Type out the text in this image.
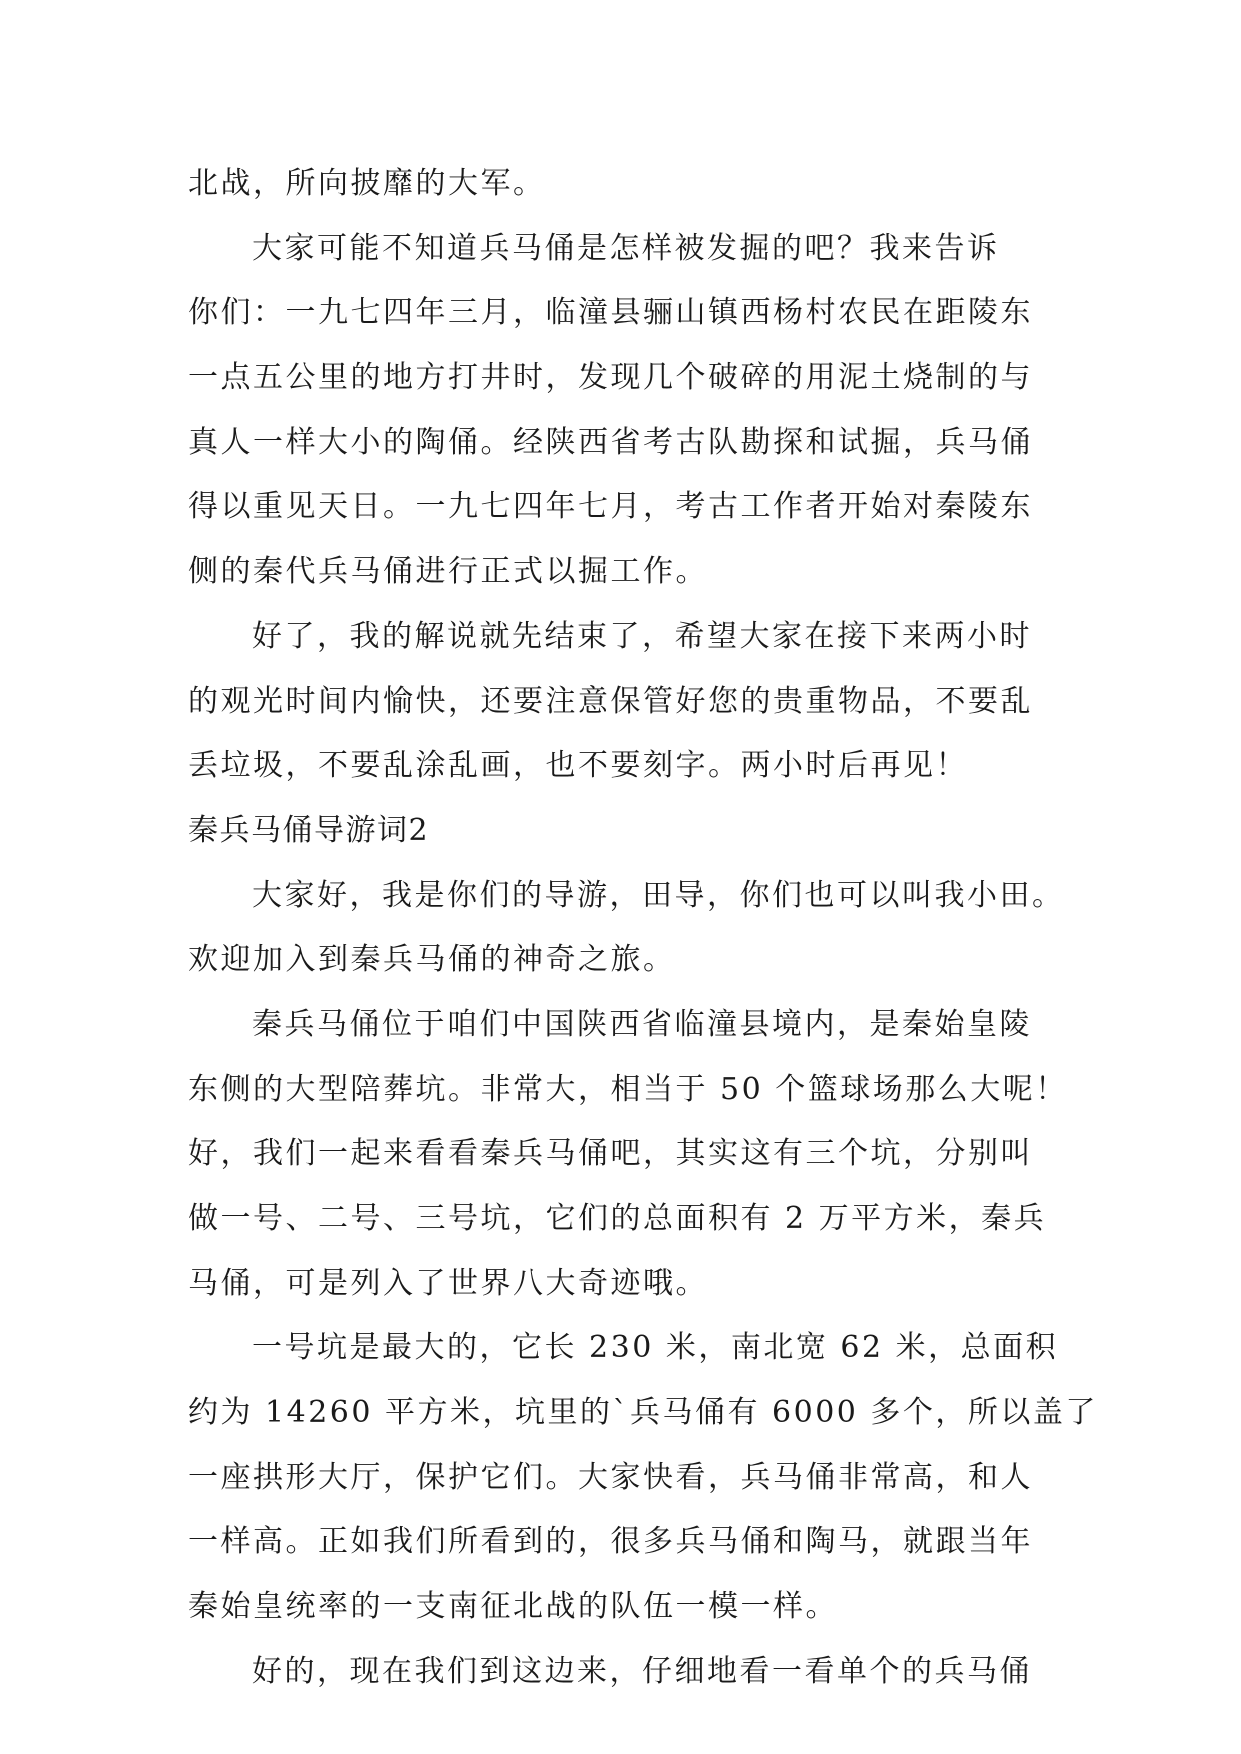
北战，所向披靡的大军。
大家可能不知道兵马俑是怎样被发掘的吧？我来告诉
你们：一九七四年三月，临潼县骊山镇西杨村农民在距陵东
一点五公里的地方打井时，发现几个破碎的用泥土烧制的与
真人一样大小的陶俑。经陕西省考古队勘探和试掘，兵马俑
得以重见天日。一九七四年七月，考古工作者开始对秦陵东
侧的秦代兵马俑进行正式以掘工作。
好了，我的解说就先结束了，希望大家在接下来两小时
的观光时间内愉快，还要注意保管好您的贵重物品，不要乱
丢垃圾，不要乱涂乱画，也不要刻字。两小时后再见！
秦兵马俑导游词2
大家好，我是你们的导游，田导，你们也可以叫我小田。
欢迎加入到秦兵马俑的神奇之旅。
秦兵马俑位于咱们中国陕西省临潼县境内，是秦始皇陵
东侧的大型陪葬坑。非常大，相当于 50 个篮球场那么大呢！
好，我们一起来看看秦兵马俑吧，其实这有三个坑，分别叫
做一号、二号、三号坑，它们的总面积有 2 万平方米，秦兵
马俑，可是列入了世界八大奇迹哦。
一号坑是最大的，它长 230 米，南北宽 62 米，总面积
约为 14260 平方米，坑里的`兵马俑有 6000 多个，所以盖了
一座拱形大厅，保护它们。大家快看，兵马俑非常高，和人
一样高。正如我们所看到的，很多兵马俑和陶马，就跟当年
秦始皇统率的一支南征北战的队伍一模一样。
好的，现在我们到这边来，仔细地看一看单个的兵马俑
